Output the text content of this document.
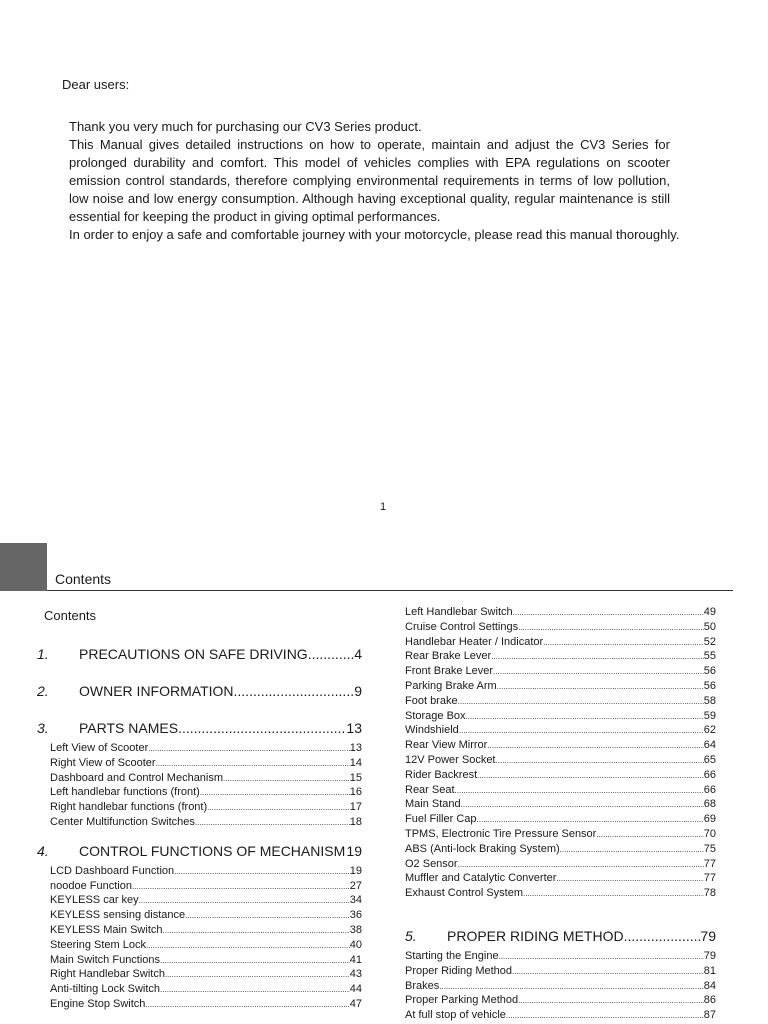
Dear users:

Thank you very much for purchasing our CV3 Series product.

This Manual gives detailed instructions on how to operate, maintain and adjust the CV3 Series for prolonged durability and comfort. This model of vehicles complies with EPA regulations on scooter emission control standards, therefore complying environmental requirements in terms of low pollution, low noise and low energy consumption. Although having exceptional quality, regular maintenance is still essential for keeping the product in giving optimal performances.

In order to enjoy a safe and comfortable journey with your motorcycle, please read this manual thoroughly.

1
Contents
Contents
1.	PRECAUTIONS ON SAFE DRIVING .....	4
2.	OWNER INFORMATION .....	9
3.	PARTS NAMES .....	13
Left View of Scooter .....	13
Right View of Scooter .....	14
Dashboard and Control Mechanism .....	15
Left handlebar functions (front) .....	16
Right handlebar functions (front) .....	17
Center Multifunction Switches .....	18
4.	CONTROL FUNCTIONS OF MECHANISM ..... 19
LCD Dashboard Function .....	19
noodoe Function .....	27
KEYLESS car key .....	34
KEYLESS sensing distance .....	36
KEYLESS Main Switch .....	38
Steering Stem Lock .....	40
Main Switch Functions .....	41
Right Handlebar Switch .....	43
Anti-tilting Lock Switch .....	44
Engine Stop Switch .....	47
Left Handlebar Switch .....	49
Cruise Control Settings .....	50
Handlebar Heater / Indicator .....	52
Rear Brake Lever .....	55
Front Brake Lever .....	56
Parking Brake Arm .....	56
Foot brake .....	58
Storage Box .....	59
Windshield .....	62
Rear View Mirror .....	64
12V Power Socket .....	65
Rider Backrest .....	66
Rear Seat .....	66
Main Stand .....	68
Fuel Filler Cap .....	69
TPMS, Electronic Tire Pressure Sensor .....	70
ABS (Anti-lock Braking System) .....	75
O2 Sensor .....	77
Muffler and Catalytic Converter .....	77
Exhaust Control System .....	78
5.	PROPER RIDING METHOD .....	79
Starting the Engine .....	79
Proper Riding Method .....	81
Brakes .....	84
Proper Parking Method .....	86
At full stop of vehicle .....	87
